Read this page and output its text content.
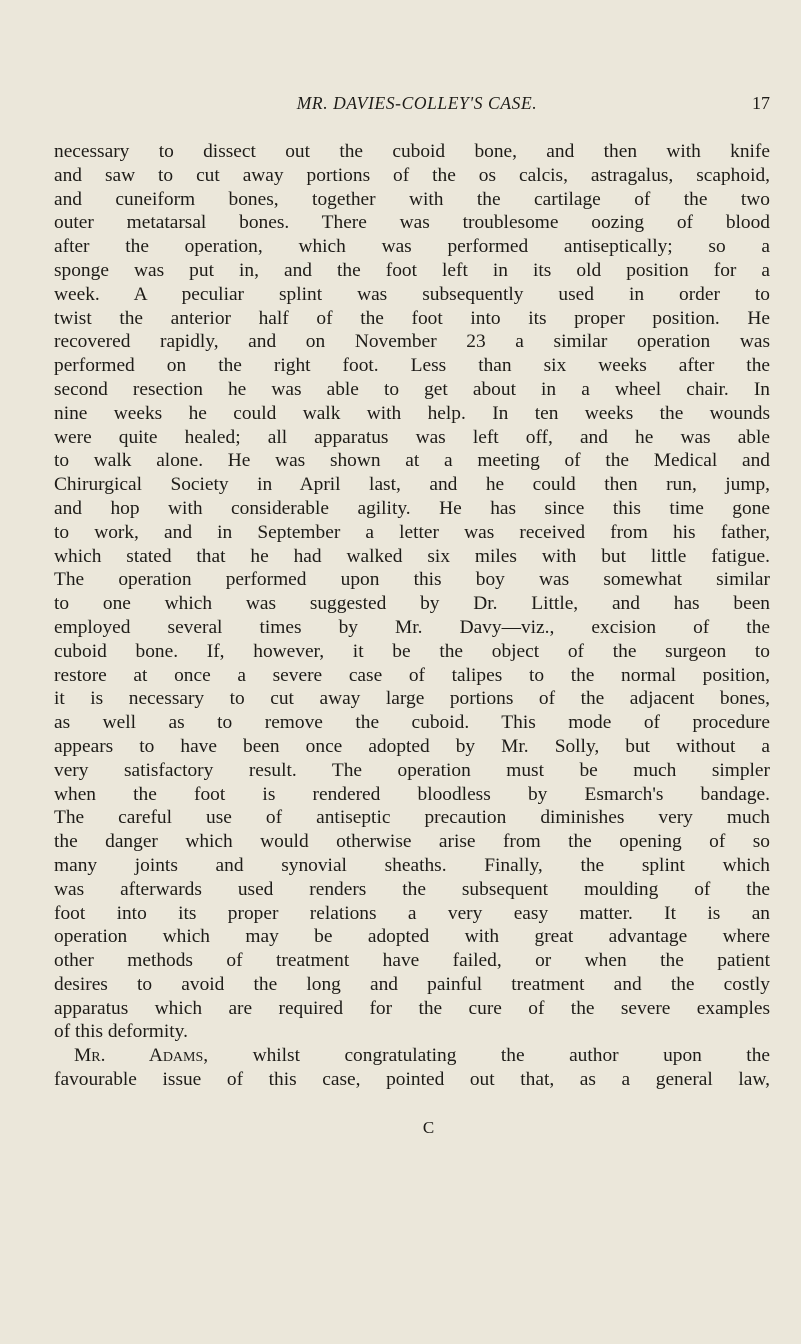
MR. DAVIES-COLLEY'S CASE.	17
necessary to dissect out the cuboid bone, and then with knife
and saw to cut away portions of the os calcis, astragalus, scaphoid,
and cuneiform bones, together with the cartilage of the two
outer metatarsal bones. There was troublesome oozing of blood
after the operation, which was performed antiseptically; so a
sponge was put in, and the foot left in its old position for a
week. A peculiar splint was subsequently used in order to
twist the anterior half of the foot into its proper position. He
recovered rapidly, and on November 23 a similar operation was
performed on the right foot. Less than six weeks after the
second resection he was able to get about in a wheel chair. In
nine weeks he could walk with help. In ten weeks the wounds
were quite healed; all apparatus was left off, and he was able
to walk alone. He was shown at a meeting of the Medical and
Chirurgical Society in April last, and he could then run, jump,
and hop with considerable agility. He has since this time gone
to work, and in September a letter was received from his father,
which stated that he had walked six miles with but little fatigue.
The operation performed upon this boy was somewhat similar
to one which was suggested by Dr. Little, and has been
employed several times by Mr. Davy—viz., excision of the
cuboid bone. If, however, it be the object of the surgeon to
restore at once a severe case of talipes to the normal position,
it is necessary to cut away large portions of the adjacent bones,
as well as to remove the cuboid. This mode of procedure
appears to have been once adopted by Mr. Solly, but without a
very satisfactory result. The operation must be much simpler
when the foot is rendered bloodless by Esmarch's bandage.
The careful use of antiseptic precaution diminishes very much
the danger which would otherwise arise from the opening of so
many joints and synovial sheaths. Finally, the splint which
was afterwards used renders the subsequent moulding of the
foot into its proper relations a very easy matter. It is an
operation which may be adopted with great advantage where
other methods of treatment have failed, or when the patient
desires to avoid the long and painful treatment and the costly
apparatus which are required for the cure of the severe examples
of this deformity.
Mr. Adams, whilst congratulating the author upon the
favourable issue of this case, pointed out that, as a general law,
C
